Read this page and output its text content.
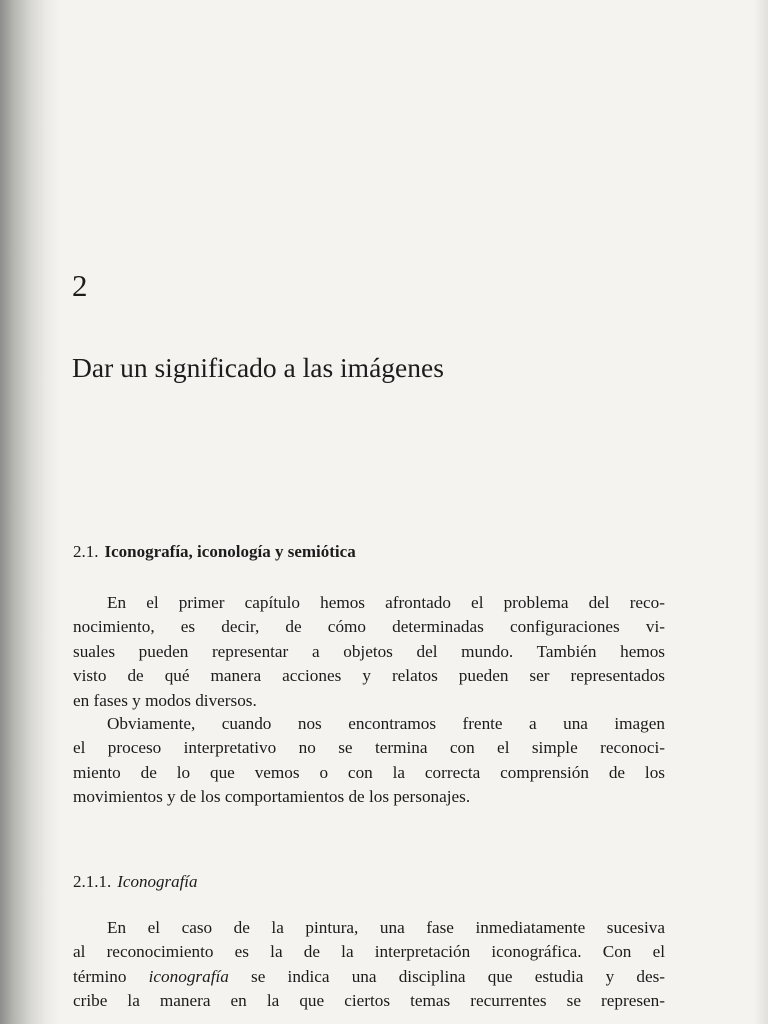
2
Dar un significado a las imágenes
2.1. Iconografía, iconología y semiótica
En el primer capítulo hemos afrontado el problema del reco-
nocimiento, es decir, de cómo determinadas configuraciones vi-
suales pueden representar a objetos del mundo. También hemos
visto de qué manera acciones y relatos pueden ser representados
en fases y modos diversos.
Obviamente, cuando nos encontramos frente a una imagen
el proceso interpretativo no se termina con el simple reconoci-
miento de lo que vemos o con la correcta comprensión de los
movimientos y de los comportamientos de los personajes.
2.1.1. Iconografía
En el caso de la pintura, una fase inmediatamente sucesiva
al reconocimiento es la de la interpretación iconográfica. Con el
término iconografía se indica una disciplina que estudia y des-
cribe la manera en la que ciertos temas recurrentes se represen-
